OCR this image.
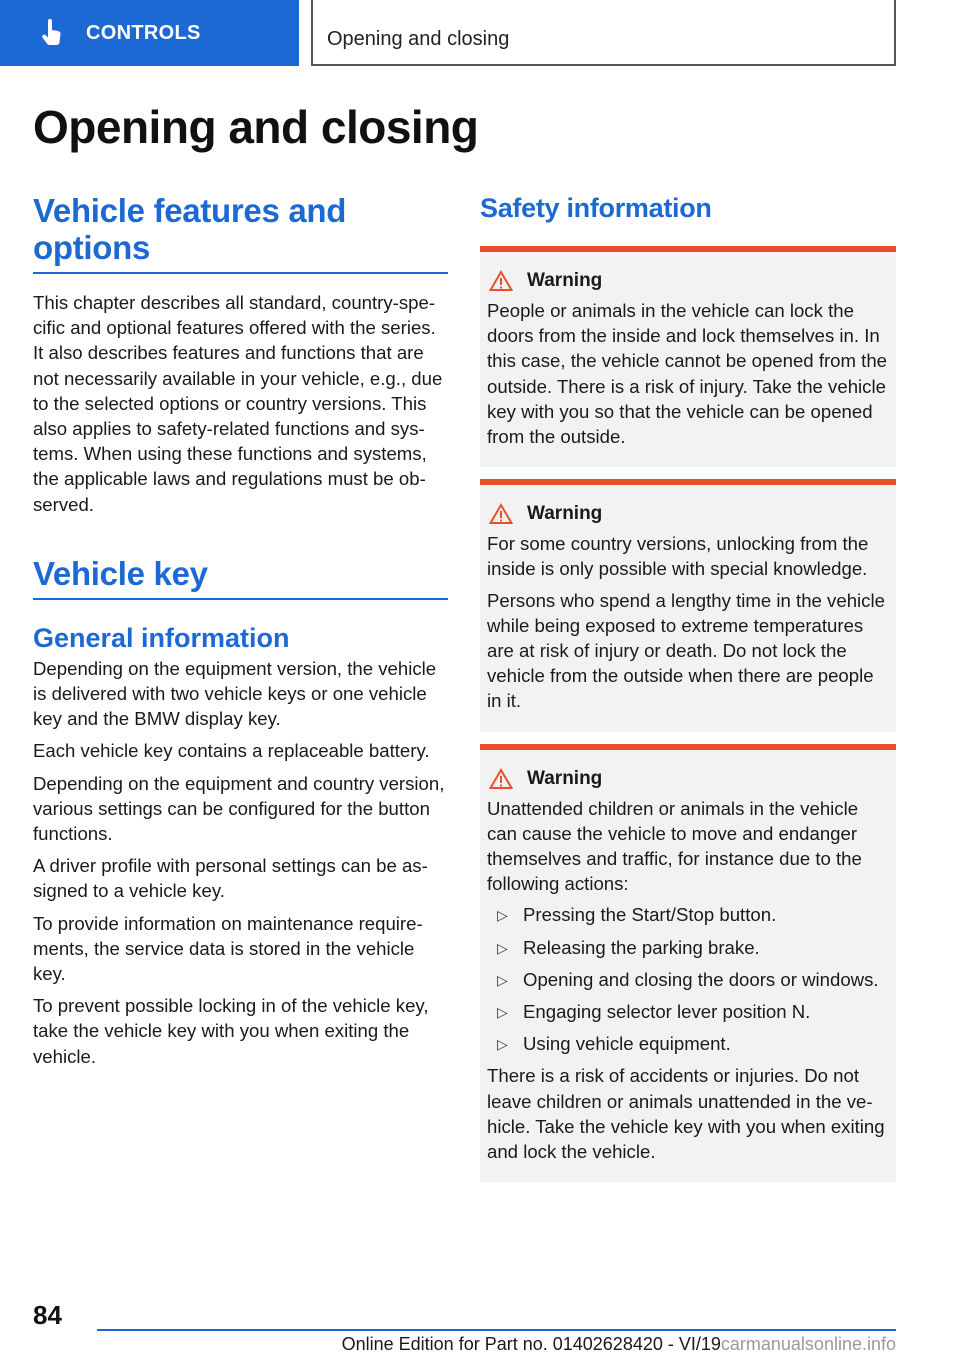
CONTROLS	Opening and closing
Opening and closing
Vehicle features and
options

This chapter describes all standard, country-specific and optional features offered with the series. It also describes features and functions that are not necessarily available in your vehicle, e.g., due to the selected options or country versions. This also applies to safety-related functions and systems. When using these functions and systems, the applicable laws and regulations must be observed.

Vehicle key
General information

Depending on the equipment version, the vehicle is delivered with two vehicle keys or one vehicle key and the BMW display key.

Each vehicle key contains a replaceable battery.

Depending on the equipment and country version, various settings can be configured for the button functions.

A driver profile with personal settings can be assigned to a vehicle key.

To provide information on maintenance requirements, the service data is stored in the vehicle key.

To prevent possible locking in of the vehicle key, take the vehicle key with you when exiting the vehicle.

Safety information
Warning

People or animals in the vehicle can lock the doors from the inside and lock themselves in. In this case, the vehicle cannot be opened from the outside. There is a risk of injury. Take the vehicle key with you so that the vehicle can be opened from the outside.

Warning

For some country versions, unlocking from the inside is only possible with special knowledge.

Persons who spend a lengthy time in the vehicle while being exposed to extreme temperatures are at risk of injury or death. Do not lock the vehicle from the outside when there are people in it.

Warning

Unattended children or animals in the vehicle can cause the vehicle to move and endanger themselves and traffic, for instance due to the following actions:

▷ Pressing the Start/Stop button.
▷ Releasing the parking brake.
▷ Opening and closing the doors or windows.
▷ Engaging selector lever position N.
▷ Using vehicle equipment.

There is a risk of accidents or injuries. Do not leave children or animals unattended in the vehicle. Take the vehicle key with you when exiting and lock the vehicle.

84
Online Edition for Part no. 01402628420 - VI/19carmanualsonline.info
